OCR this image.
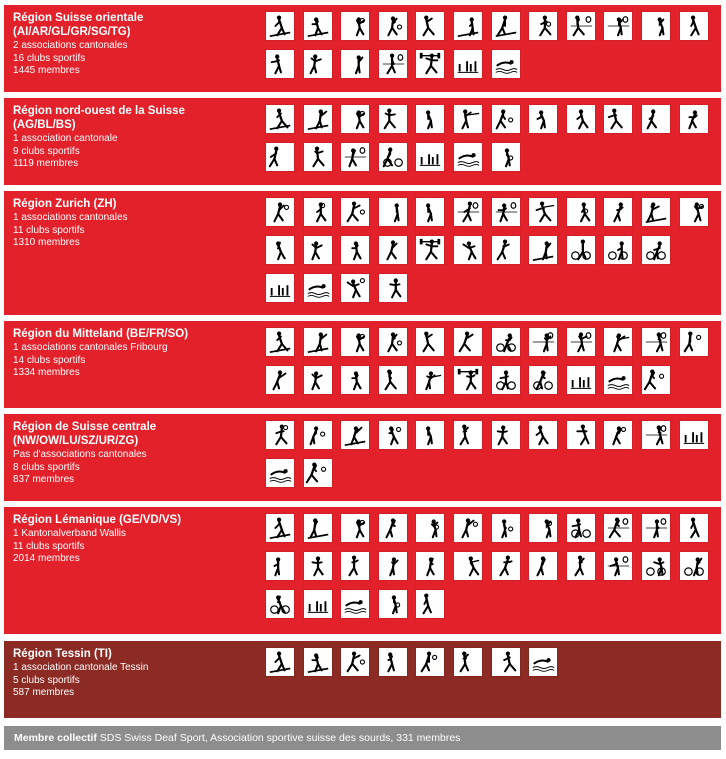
Région Suisse orientale
(AI/AR/GL/GR/SG/TG)
2 associations cantonales
16 clubs sportifs
1445 membres
Région nord-ouest de la Suisse
(AG/BL/BS)
1 association cantonale
9 clubs sportifs
1119 membres
Région Zurich (ZH)
1 associations cantonales
11 clubs sportifs
1310 membres
Région du Mitteland (BE/FR/SO)
1 associations cantonales Fribourg
14 clubs sportifs
1334 membres
Région de Suisse centrale
(NW/OW/LU/SZ/UR/ZG)
Pas d'associations cantonales
8 clubs sportifs
837 membres
Région Lémanique (GE/VD/VS)
1 Kantonalverband Wallis
11 clubs sportifs
2014 membres
Région Tessin (TI)
1 association cantonale Tessin
5 clubs sportifs
587 membres
Membre collectif SDS Swiss Deaf Sport, Association sportive suisse des sourds, 331 membres
